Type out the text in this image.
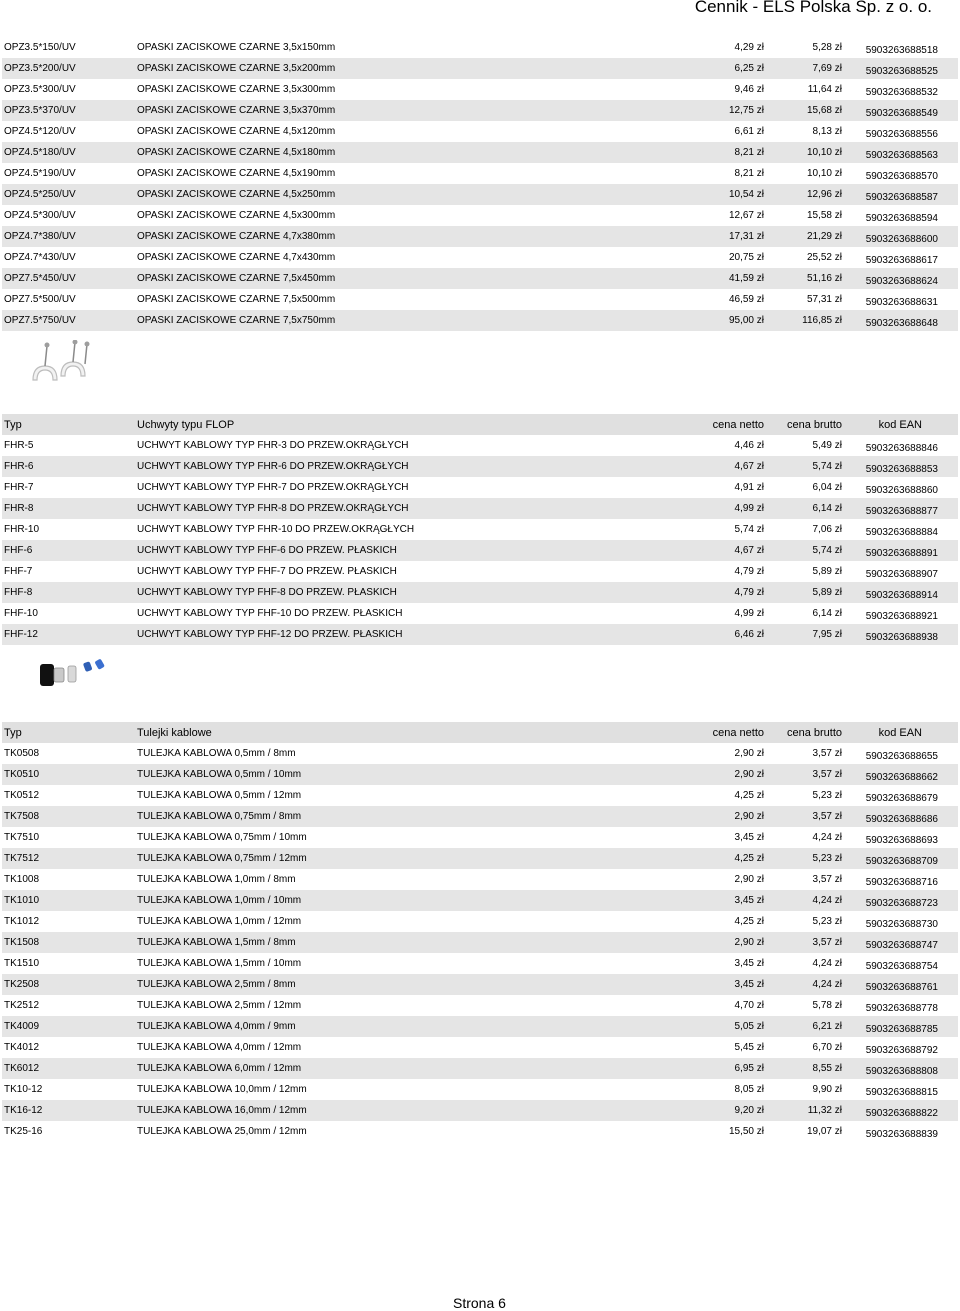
Cennik - ELS Polska Sp. z o. o.
OPZ3.5*150/UV	OPASKI ZACISKOWE CZARNE 3,5x150mm	4,29 zł	5,28 zł 5903263688518
OPZ3.5*200/UV	OPASKI ZACISKOWE CZARNE 3,5x200mm	6,25 zł	7,69 zł 5903263688525
OPZ3.5*300/UV	OPASKI ZACISKOWE CZARNE 3,5x300mm	9,46 zł	11,64 zł 5903263688532
OPZ3.5*370/UV	OPASKI ZACISKOWE CZARNE 3,5x370mm	12,75 zł	15,68 zł 5903263688549
OPZ4.5*120/UV	OPASKI ZACISKOWE CZARNE 4,5x120mm	6,61 zł	8,13 zł 5903263688556
OPZ4.5*180/UV	OPASKI ZACISKOWE CZARNE 4,5x180mm	8,21 zł	10,10 zł 5903263688563
OPZ4.5*190/UV	OPASKI ZACISKOWE CZARNE 4,5x190mm	8,21 zł	10,10 zł 5903263688570
OPZ4.5*250/UV	OPASKI ZACISKOWE CZARNE 4,5x250mm	10,54 zł	12,96 zł 5903263688587
OPZ4.5*300/UV	OPASKI ZACISKOWE CZARNE 4,5x300mm	12,67 zł	15,58 zł 5903263688594
OPZ4.7*380/UV	OPASKI ZACISKOWE CZARNE 4,7x380mm	17,31 zł	21,29 zł 5903263688600
OPZ4.7*430/UV	OPASKI ZACISKOWE CZARNE 4,7x430mm	20,75 zł	25,52 zł 5903263688617
OPZ7.5*450/UV	OPASKI ZACISKOWE CZARNE 7,5x450mm	41,59 zł	51,16 zł 5903263688624
OPZ7.5*500/UV	OPASKI ZACISKOWE CZARNE 7,5x500mm	46,59 zł	57,31 zł 5903263688631
OPZ7.5*750/UV	OPASKI ZACISKOWE CZARNE 7,5x750mm	95,00 zł	116,85 zł 5903263688648
Typ	Uchwyty typu FLOP	cena netto cena brutto	kod EAN
FHR-5	UCHWYT KABLOWY TYP FHR-3 DO PRZEW.OKRĄGŁYCH	4,46 zł	5,49 zł 5903263688846
FHR-6	UCHWYT KABLOWY TYP FHR-6 DO PRZEW.OKRĄGŁYCH	4,67 zł	5,74 zł 5903263688853
FHR-7	UCHWYT KABLOWY TYP FHR-7 DO PRZEW.OKRĄGŁYCH	4,91 zł	6,04 zł 5903263688860
FHR-8	UCHWYT KABLOWY TYP FHR-8 DO PRZEW.OKRĄGŁYCH	4,99 zł	6,14 zł 5903263688877
FHR-10	UCHWYT KABLOWY TYP FHR-10 DO PRZEW.OKRĄGŁYCH	5,74 zł	7,06 zł 5903263688884
FHF-6	UCHWYT KABLOWY TYP FHF-6 DO PRZEW. PŁASKICH	4,67 zł	5,74 zł 5903263688891
FHF-7	UCHWYT KABLOWY TYP FHF-7 DO PRZEW. PŁASKICH	4,79 zł	5,89 zł 5903263688907
FHF-8	UCHWYT KABLOWY TYP FHF-8 DO PRZEW. PŁASKICH	4,79 zł	5,89 zł 5903263688914
FHF-10	UCHWYT KABLOWY TYP FHF-10 DO PRZEW. PŁASKICH	4,99 zł	6,14 zł 5903263688921
FHF-12	UCHWYT KABLOWY TYP FHF-12 DO PRZEW. PŁASKICH	6,46 zł	7,95 zł 5903263688938
Typ	Tulejki kablowe	cena netto cena brutto	kod EAN
TK0508	TULEJKA KABLOWA 0,5mm / 8mm	2,90 zł	3,57 zł 5903263688655
TK0510	TULEJKA KABLOWA 0,5mm / 10mm	2,90 zł	3,57 zł 5903263688662
TK0512	TULEJKA KABLOWA 0,5mm / 12mm	4,25 zł	5,23 zł 5903263688679
TK7508	TULEJKA KABLOWA 0,75mm / 8mm	2,90 zł	3,57 zł 5903263688686
TK7510	TULEJKA KABLOWA 0,75mm / 10mm	3,45 zł	4,24 zł 5903263688693
TK7512	TULEJKA KABLOWA 0,75mm / 12mm	4,25 zł	5,23 zł 5903263688709
TK1008	TULEJKA KABLOWA 1,0mm / 8mm	2,90 zł	3,57 zł 5903263688716
TK1010	TULEJKA KABLOWA 1,0mm / 10mm	3,45 zł	4,24 zł 5903263688723
TK1012	TULEJKA KABLOWA 1,0mm / 12mm	4,25 zł	5,23 zł 5903263688730
TK1508	TULEJKA KABLOWA 1,5mm / 8mm	2,90 zł	3,57 zł 5903263688747
TK1510	TULEJKA KABLOWA 1,5mm / 10mm	3,45 zł	4,24 zł 5903263688754
TK2508	TULEJKA KABLOWA 2,5mm / 8mm	3,45 zł	4,24 zł 5903263688761
TK2512	TULEJKA KABLOWA 2,5mm / 12mm	4,70 zł	5,78 zł 5903263688778
TK4009	TULEJKA KABLOWA 4,0mm / 9mm	5,05 zł	6,21 zł 5903263688785
TK4012	TULEJKA KABLOWA 4,0mm / 12mm	5,45 zł	6,70 zł 5903263688792
TK6012	TULEJKA KABLOWA 6,0mm / 12mm	6,95 zł	8,55 zł 5903263688808
TK10-12	TULEJKA KABLOWA 10,0mm / 12mm	8,05 zł	9,90 zł 5903263688815
TK16-12	TULEJKA KABLOWA 16,0mm / 12mm	9,20 zł	11,32 zł 5903263688822
TK25-16	TULEJKA KABLOWA 25,0mm / 12mm	15,50 zł	19,07 zł 5903263688839
Strona 6
